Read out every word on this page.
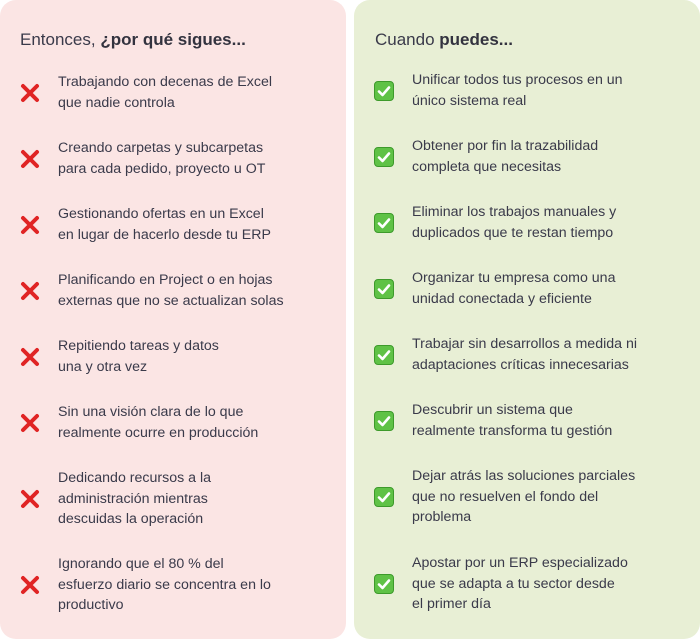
Entonces, ¿por qué sigues...
Trabajando con decenas de Excel
que nadie controla
Creando carpetas y subcarpetas
para cada pedido, proyecto u OT
Gestionando ofertas en un Excel
en lugar de hacerlo desde tu ERP
Planificando en Project o en hojas
externas que no se actualizan solas
Repitiendo tareas y datos
una y otra vez
Sin una visión clara de lo que
realmente ocurre en producción
Dedicando recursos a la
administración mientras
descuidas la operación
Ignorando que el 80 % del
esfuerzo diario se concentra en lo
productivo
Cuando puedes...
Unificar todos tus procesos en un
único sistema real
Obtener por fin la trazabilidad
completa que necesitas
Eliminar los trabajos manuales y
duplicados que te restan tiempo
Organizar tu empresa como una
unidad conectada y eficiente
Trabajar sin desarrollos a medida ni
adaptaciones críticas innecesarias
Descubrir un sistema que
realmente transforma tu gestión
Dejar atrás las soluciones parciales
que no resuelven el fondo del
problema
Apostar por un ERP especializado
que se adapta a tu sector desde
el primer día
